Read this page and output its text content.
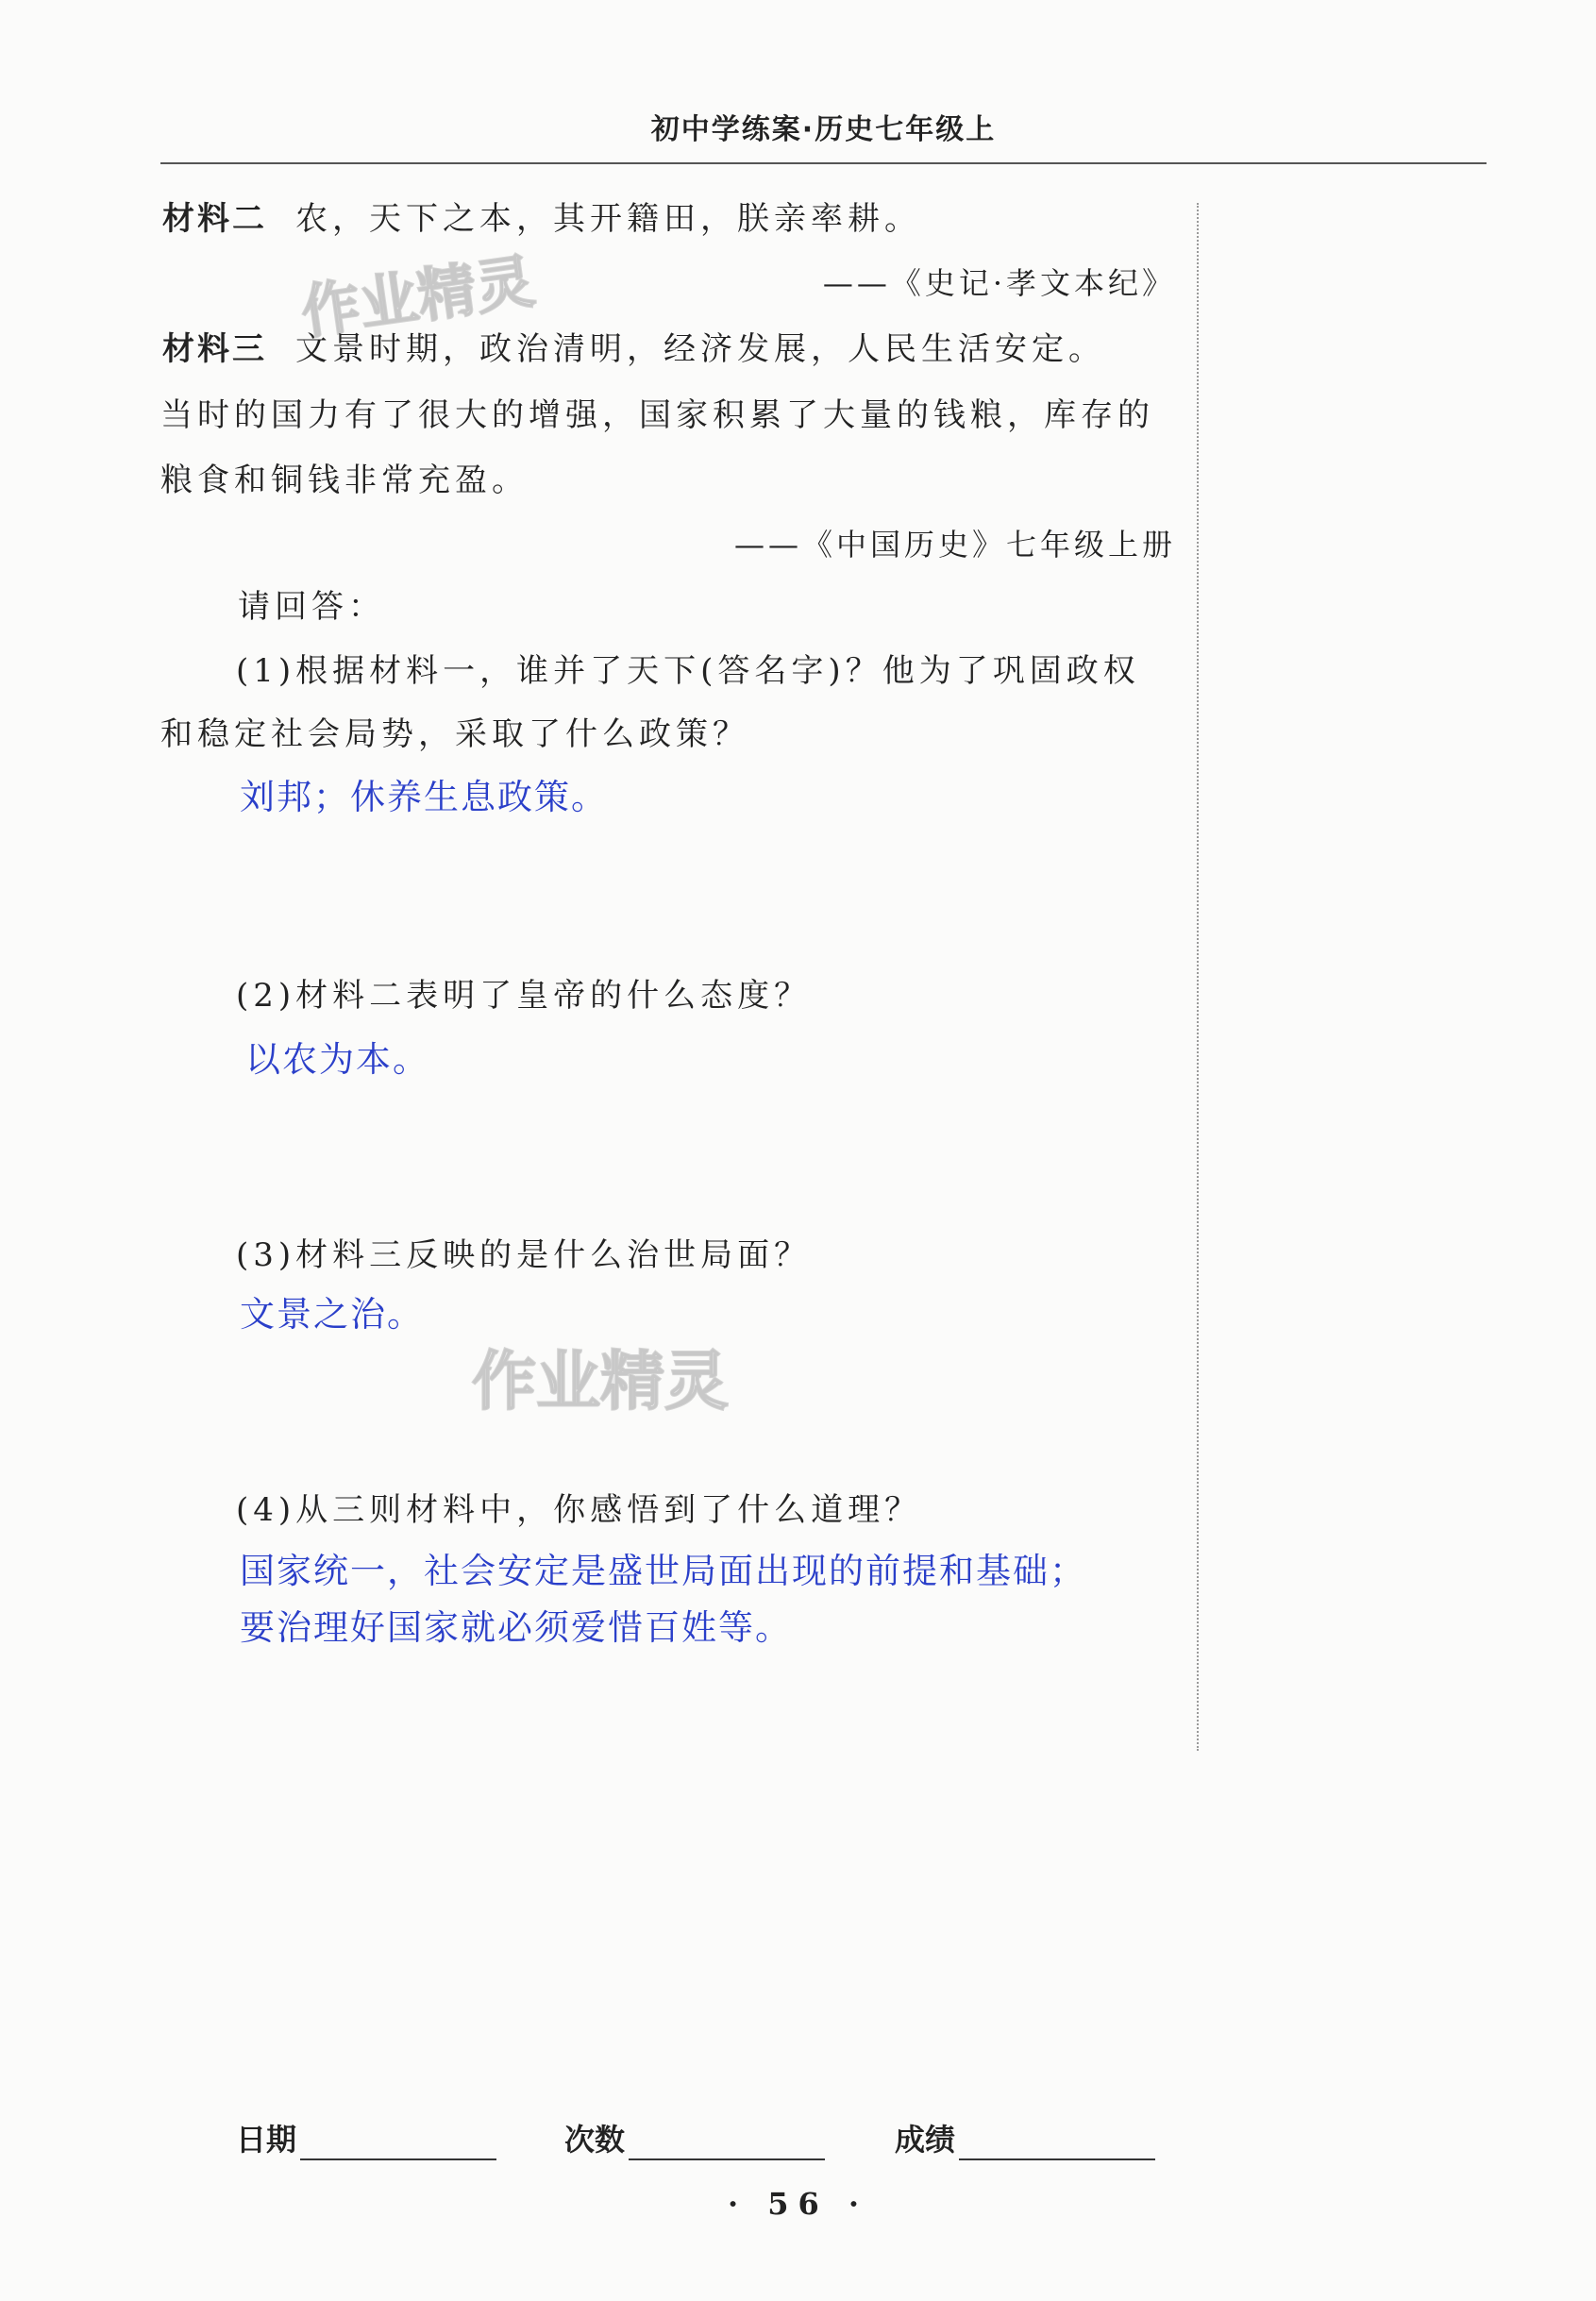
初中学练案·历史七年级上
作业精灵
作业精灵
材料二 农，天下之本，其开籍田，朕亲率耕。
——《史记·孝文本纪》
材料三 文景时期，政治清明，经济发展，人民生活安定。
当时的国力有了很大的增强，国家积累了大量的钱粮，库存的
粮食和铜钱非常充盈。
——《中国历史》七年级上册
请回答：
(1)根据材料一，谁并了天下(答名字)？他为了巩固政权
和稳定社会局势，采取了什么政策？
刘邦；休养生息政策。
(2)材料二表明了皇帝的什么态度？
以农为本。
(3)材料三反映的是什么治世局面？
文景之治。
(4)从三则材料中，你感悟到了什么道理？
国家统一，社会安定是盛世局面出现的前提和基础；
要治理好国家就必须爱惜百姓等。
日期	次数	成绩
· 56 ·
